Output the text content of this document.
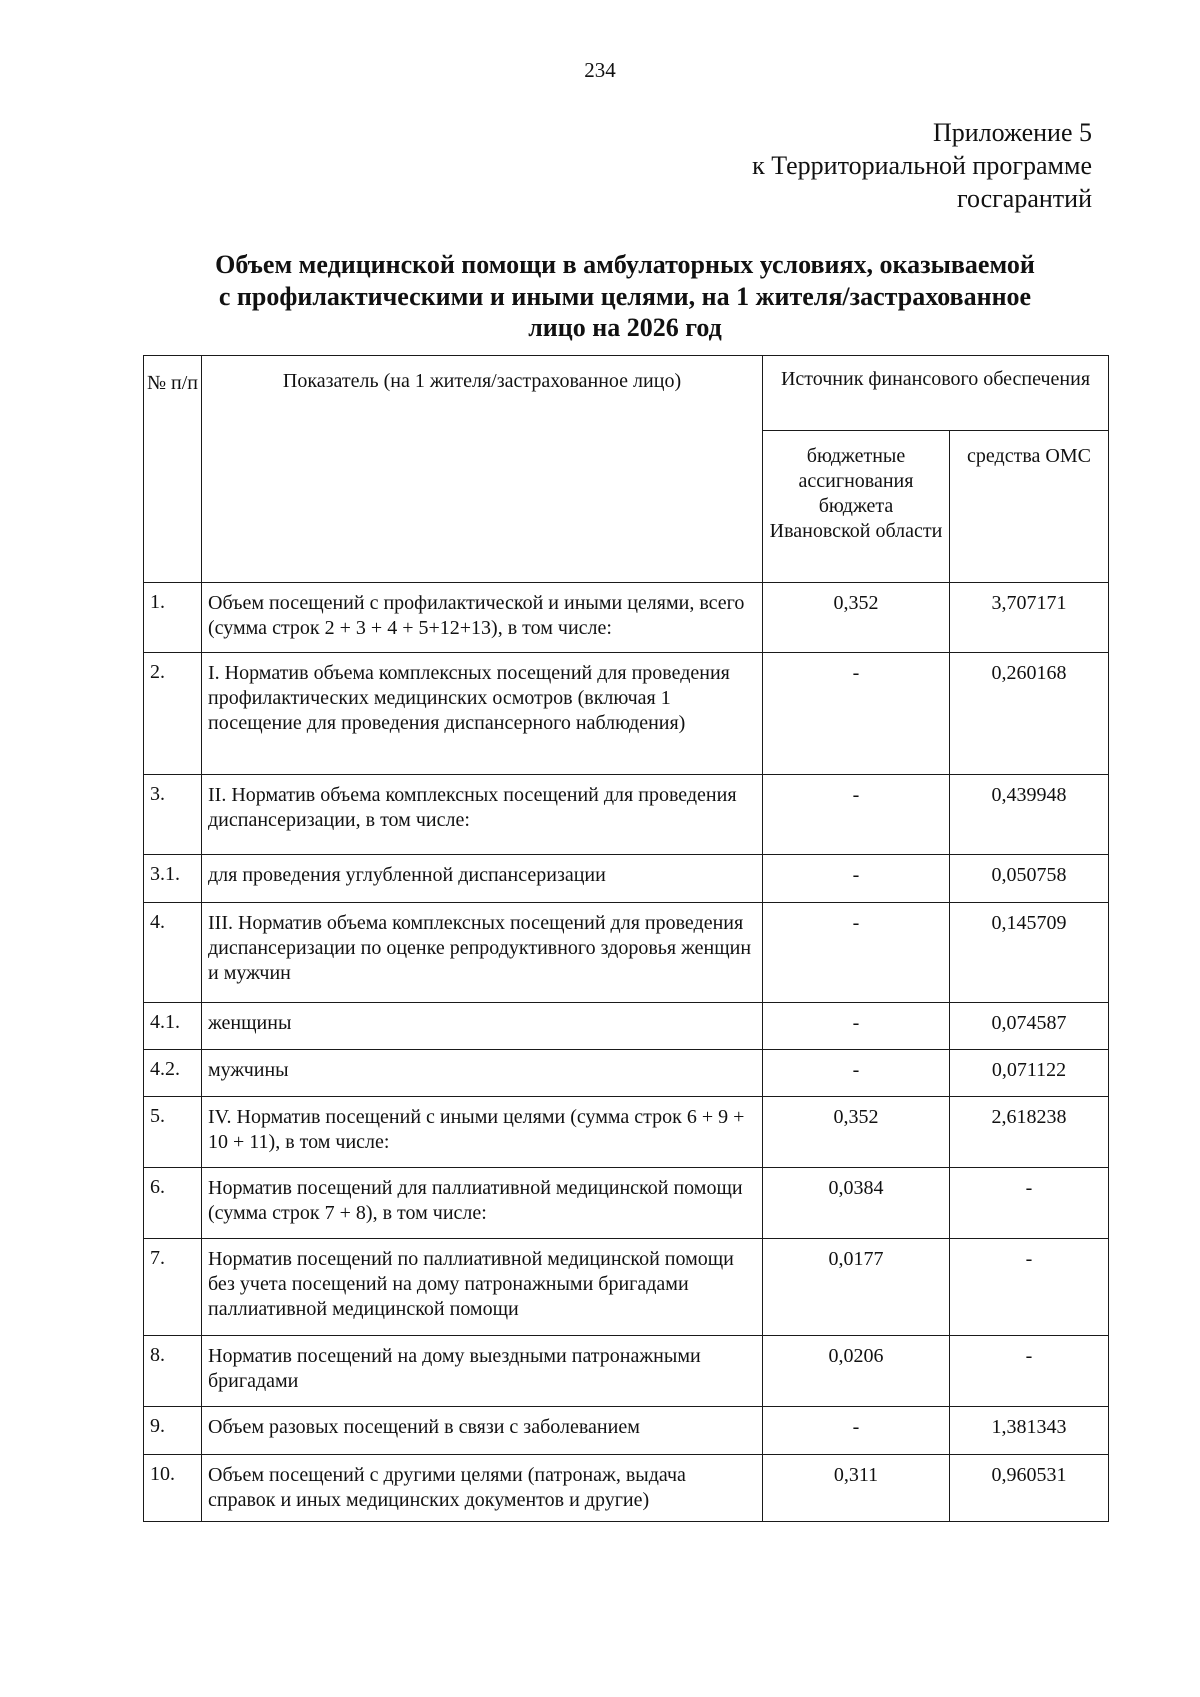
234
Приложение 5
к Территориальной программе
госгарантий
Объем медицинской помощи в амбулаторных условиях, оказываемой
с профилактическими и иными целями, на 1 жителя/застрахованное
лицо на 2026 год
№ п/п	Показатель (на 1 жителя/застрахованное лицо)	Источник финансового обеспечения	
		бюджетные ассигнования бюджета Ивановской области	средства ОМС
1.	Объем посещений с профилактической и иными целями, всего (сумма строк 2 + 3 + 4 + 5+12+13), в том числе:	0,352	3,707171
2.	I. Норматив объема комплексных посещений для проведения профилактических медицинских осмотров (включая 1 посещение для проведения диспансерного наблюдения)	-	0,260168
3.	II. Норматив объема комплексных посещений для проведения диспансеризации, в том числе:	-	0,439948
3.1.	для проведения углубленной диспансеризации	-	0,050758
4.	III. Норматив объема комплексных посещений для проведения диспансеризации по оценке репродуктивного здоровья женщин и мужчин	-	0,145709
4.1.	женщины	-	0,074587
4.2.	мужчины	-	0,071122
5.	IV. Норматив посещений с иными целями (сумма строк 6 + 9 + 10 + 11), в том числе:	0,352	2,618238
6.	Норматив посещений для паллиативной медицинской помощи (сумма строк 7 + 8), в том числе:	0,0384	-
7.	Норматив посещений по паллиативной медицинской помощи без учета посещений на дому патронажными бригадами паллиативной медицинской помощи	0,0177	-
8.	Норматив посещений на дому выездными патронажными бригадами	0,0206	-
9.	Объем разовых посещений в связи с заболеванием	-	1,381343
10.	Объем посещений с другими целями (патронаж, выдача справок и иных медицинских документов и другие)	0,311	0,960531
